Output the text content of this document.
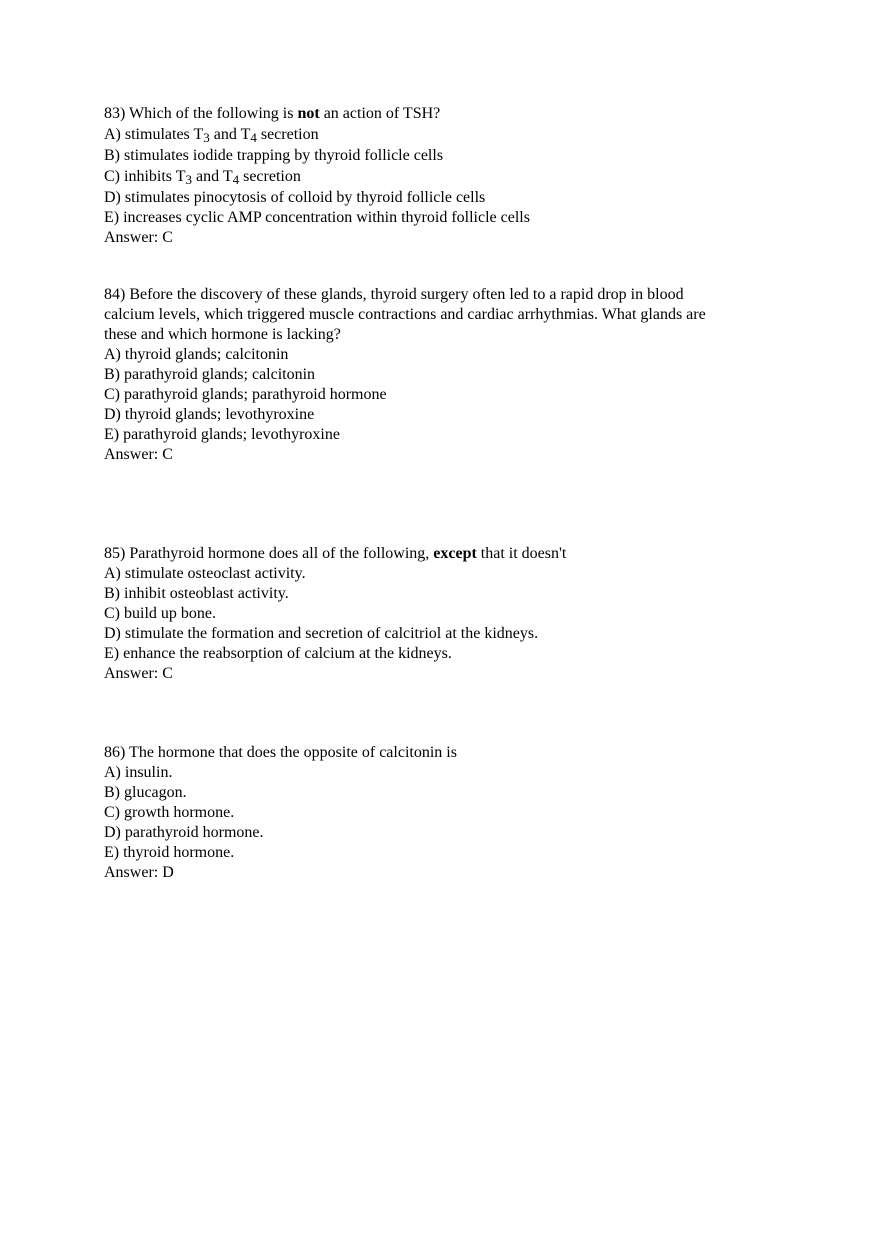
83) Which of the following is not an action of TSH?
A) stimulates T3 and T4 secretion
B) stimulates iodide trapping by thyroid follicle cells
C) inhibits T3 and T4 secretion
D) stimulates pinocytosis of colloid by thyroid follicle cells
E) increases cyclic AMP concentration within thyroid follicle cells
Answer: C
84) Before the discovery of these glands, thyroid surgery often led to a rapid drop in blood
calcium levels, which triggered muscle contractions and cardiac arrhythmias. What glands are
these and which hormone is lacking?
A) thyroid glands; calcitonin
B) parathyroid glands; calcitonin
C) parathyroid glands; parathyroid hormone
D) thyroid glands; levothyroxine
E) parathyroid glands; levothyroxine
Answer: C
85) Parathyroid hormone does all of the following, except that it doesn't
A) stimulate osteoclast activity.
B) inhibit osteoblast activity.
C) build up bone.
D) stimulate the formation and secretion of calcitriol at the kidneys.
E) enhance the reabsorption of calcium at the kidneys.
Answer: C
86) The hormone that does the opposite of calcitonin is
A) insulin.
B) glucagon.
C) growth hormone.
D) parathyroid hormone.
E) thyroid hormone.
Answer: D
